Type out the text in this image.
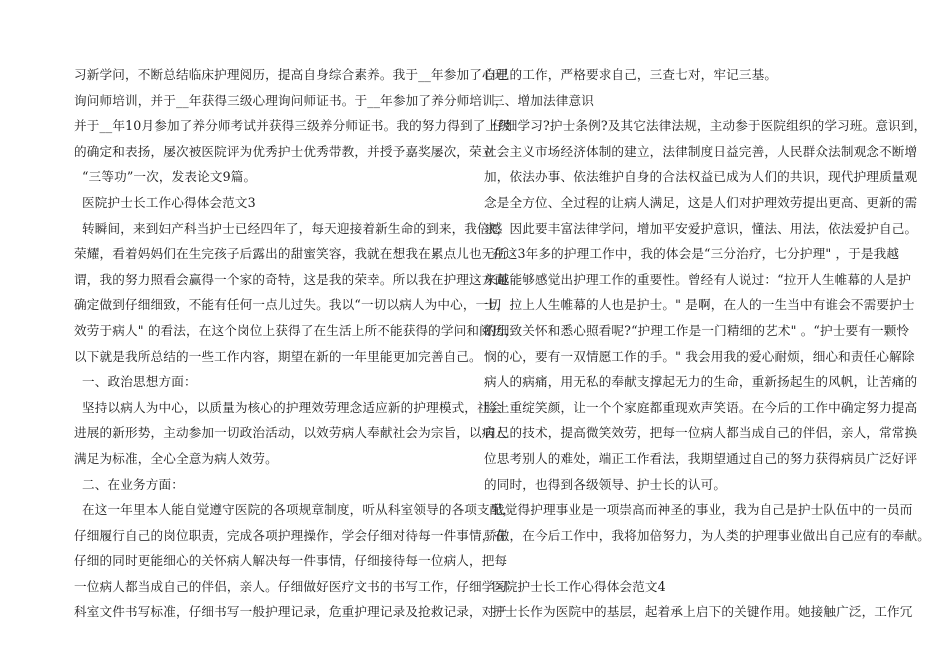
习新学问，不断总结临床护理阅历，提高自身综合素养。我于__年参加了心理
询问师培训，并于__年获得三级心理询问师证书。于__年参加了养分师培训，
并于__年10月参加了养分师考试并获得三级养分师证书。我的努力得到了上级
的确定和表扬，屡次被医院评为优秀护士优秀带教，并授予嘉奖屡次，荣立
“三等功”一次，发表论文9篇。
医院护士长工作心得体会范文3
转瞬间，来到妇产科当护士已经四年了，每天迎接着新生命的到来，我倍感
荣耀，看着妈妈们在生完孩子后露出的甜蜜笑容，我就在想我在累点儿也无所
谓，我的努力照看会赢得一个家的奇特，这是我的荣幸。所以我在护理这方面
确定做到仔细细致，不能有任何一点儿过失。我以“一切以病人为中心，一切
效劳于病人" 的看法，在这个岗位上获得了在生活上所不能获得的学问和阅历，
以下就是我所总结的一些工作内容，期望在新的一年里能更加完善自己。
一、政治思想方面：
坚持以病人为中心，以质量为核心的护理效劳理念适应新的护理模式，社会
进展的新形势，主动参加一切政治活动，以效劳病人奉献社会为宗旨，以病人
满足为标准，全心全意为病人效劳。
二、在业务方面：
在这一年里本人能自觉遵守医院的各项规章制度，听从科室领导的各项支配，
仔细履行自己的岗位职责，完成各项护理操作，学会仔细对待每一件事情，在
仔细的同时更能细心的关怀病人解决每一件事情，仔细接待每一位病人，把每
一位病人都当成自己的伴侣，亲人。仔细做好医疗文书的书写工作，仔细学习
科室文件书写标准，仔细书写一般护理记录，危重护理记录及抢救记录，对于
自己的工作，严格要求自己，三查七对，牢记三基。
三、增加法律意识
仔细学习?护士条例?及其它法律法规，主动参于医院组织的学习班。意识到，
社会主义市场经济体制的建立，法律制度日益完善，人民群众法制观念不断增
加，依法办事、依法维护自身的合法权益已成为人们的共识，现代护理质量观
念是全方位、全过程的让病人满足，这是人们对护理效劳提出更高、更新的需
求，因此要丰富法律学问，增加平安爱护意识，懂法、用法，依法爱护自己。
在这3年多的护理工作中，我的体会是“三分治疗，七分护理" ，于是我越
来越能够感觉出护理工作的重要性。曾经有人说过：“拉开人生帷幕的人是护
士，拉上人生帷幕的人也是护士。" 是啊，在人的一生当中有谁会不需要护士
的细致关怀和悉心照看呢?“护理工作是一门精细的艺术" 。“护士要有一颗怜
悯的心，要有一双情愿工作的手。" 我会用我的爱心耐烦，细心和责任心解除
病人的病痛，用无私的奉献支撑起无力的生命，重新扬起生的风帆，让苦痛的
脸上重绽笑颜，让一个个家庭都重现欢声笑语。在今后的工作中确定努力提高
自己的技术，提高微笑效劳，把每一位病人都当成自己的伴侣，亲人，常常换
位思考别人的难处，端正工作看法，我期望通过自己的努力获得病员广泛好评
的同时，也得到各级领导、护士长的认可。
我觉得护理事业是一项崇高而神圣的事业，我为自己是护士队伍中的一员而
骄傲，在今后工作中，我将加倍努力，为人类的护理事业做出自己应有的奉献。
医院护士长工作心得体会范文4
护士长作为医院中的基层，起着承上启下的关键作用。她接触广泛，工作冗
